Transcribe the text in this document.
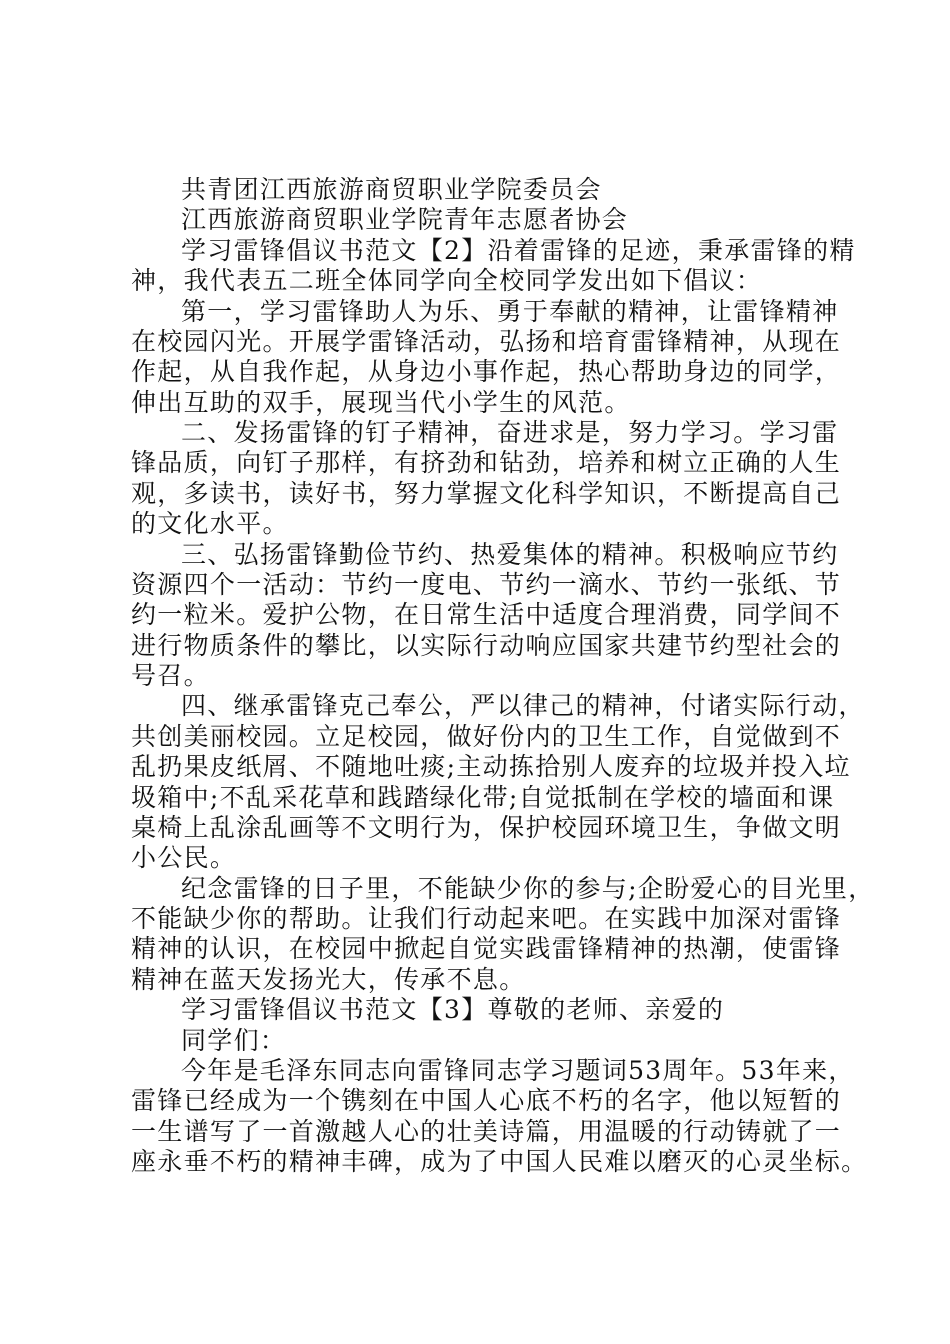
共青团江西旅游商贸职业学院委员会
江西旅游商贸职业学院青年志愿者协会
学习雷锋倡议书范文【2】沿着雷锋的足迹，秉承雷锋的精
神，我代表五二班全体同学向全校同学发出如下倡议：
第一，学习雷锋助人为乐、勇于奉献的精神，让雷锋精神
在校园闪光。开展学雷锋活动，弘扬和培育雷锋精神，从现在
作起，从自我作起，从身边小事作起，热心帮助身边的同学，
伸出互助的双手，展现当代小学生的风范。
二、发扬雷锋的钉子精神，奋进求是，努力学习。学习雷
锋品质，向钉子那样，有挤劲和钻劲，培养和树立正确的人生
观，多读书，读好书，努力掌握文化科学知识，不断提高自己
的文化水平。
三、弘扬雷锋勤俭节约、热爱集体的精神。积极响应节约
资源四个一活动：节约一度电、节约一滴水、节约一张纸、节
约一粒米。爱护公物，在日常生活中适度合理消费，同学间不
进行物质条件的攀比，以实际行动响应国家共建节约型社会的
号召。
四、继承雷锋克己奉公，严以律己的精神，付诸实际行动，
共创美丽校园。立足校园，做好份内的卫生工作，自觉做到不
乱扔果皮纸屑、不随地吐痰;主动拣拾别人废弃的垃圾并投入垃
圾箱中;不乱采花草和践踏绿化带;自觉抵制在学校的墙面和课
桌椅上乱涂乱画等不文明行为，保护校园环境卫生，争做文明
小公民。
纪念雷锋的日子里，不能缺少你的参与;企盼爱心的目光里，
不能缺少你的帮助。让我们行动起来吧。在实践中加深对雷锋
精神的认识，在校园中掀起自觉实践雷锋精神的热潮，使雷锋
精神在蓝天发扬光大，传承不息。
学习雷锋倡议书范文【3】尊敬的老师、亲爱的
同学们：
今年是毛泽东同志向雷锋同志学习题词53周年。53年来，
雷锋已经成为一个镌刻在中国人心底不朽的名字，他以短暂的
一生谱写了一首激越人心的壮美诗篇，用温暖的行动铸就了一
座永垂不朽的精神丰碑，成为了中国人民难以磨灭的心灵坐标。
